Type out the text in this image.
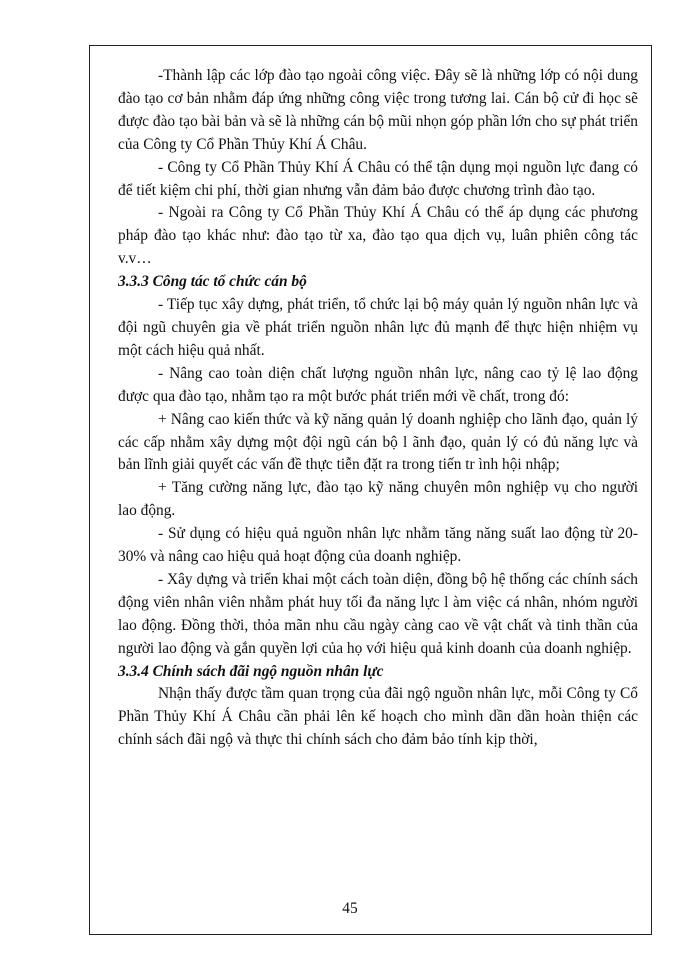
-Thành lập các lớp đào tạo ngoài công việc. Đây sẽ là những lớp có nội dung đào tạo cơ bản nhằm đáp ứng những công việc trong tương lai. Cán bộ cử đi học sẽ được đào tạo bài bản và sẽ là những cán bộ mũi nhọn góp phần lớn cho sự phát triển của Công ty Cổ Phần Thủy Khí Á Châu.

- Công ty Cổ Phần Thủy Khí Á Châu có thể tận dụng mọi nguồn lực đang có để tiết kiệm chi phí, thời gian nhưng vẫn đảm bảo được chương trình đào tạo.

- Ngoài ra Công ty Cổ Phần Thủy Khí Á Châu có thể áp dụng các phương pháp đào tạo khác như: đào tạo từ xa, đào tạo qua dịch vụ, luân phiên công tác v.v…

3.3.3 Công tác tổ chức cán bộ

- Tiếp tục xây dựng, phát triển, tổ chức lại bộ máy quản lý nguồn nhân lực và đội ngũ chuyên gia về phát triển nguồn nhân lực đủ mạnh để thực hiện nhiệm vụ một cách hiệu quả nhất.

- Nâng cao toàn diện chất lượng nguồn nhân lực, nâng cao tỷ lệ lao động được qua đào tạo, nhằm tạo ra một bước phát triển mới về chất, trong đó:

+ Nâng cao kiến thức và kỹ năng quản lý doanh nghiệp cho lãnh đạo, quản lý các cấp nhằm xây dựng một đội ngũ cán bộ l ãnh đạo, quản lý có đủ năng lực và bản lĩnh giải quyết các vấn đề thực tiễn đặt ra trong tiến tr ình hội nhập;

+ Tăng cường năng lực, đào tạo kỹ năng chuyên môn nghiệp vụ cho người lao động.

- Sử dụng có hiệu quả nguồn nhân lực nhằm tăng năng suất lao động từ 20-30% và nâng cao hiệu quả hoạt động của doanh nghiệp.

- Xây dựng và triển khai một cách toàn diện, đồng bộ hệ thống các chính sách động viên nhân viên nhằm phát huy tối đa năng lực l àm việc cá nhân, nhóm người lao động. Đồng thời, thỏa mãn nhu cầu ngày càng cao về vật chất và tinh thần của người lao động và gắn quyền lợi của họ với hiệu quả kinh doanh của doanh nghiệp.

3.3.4 Chính sách đãi ngộ nguồn nhân lực

Nhận thấy được tầm quan trọng của đãi ngộ nguồn nhân lực, mỗi Công ty Cổ Phần Thủy Khí Á Châu cần phải lên kế hoạch cho mình dần dần hoàn thiện các chính sách đãi ngộ và thực thi chính sách cho đảm bảo tính kịp thời,

45
